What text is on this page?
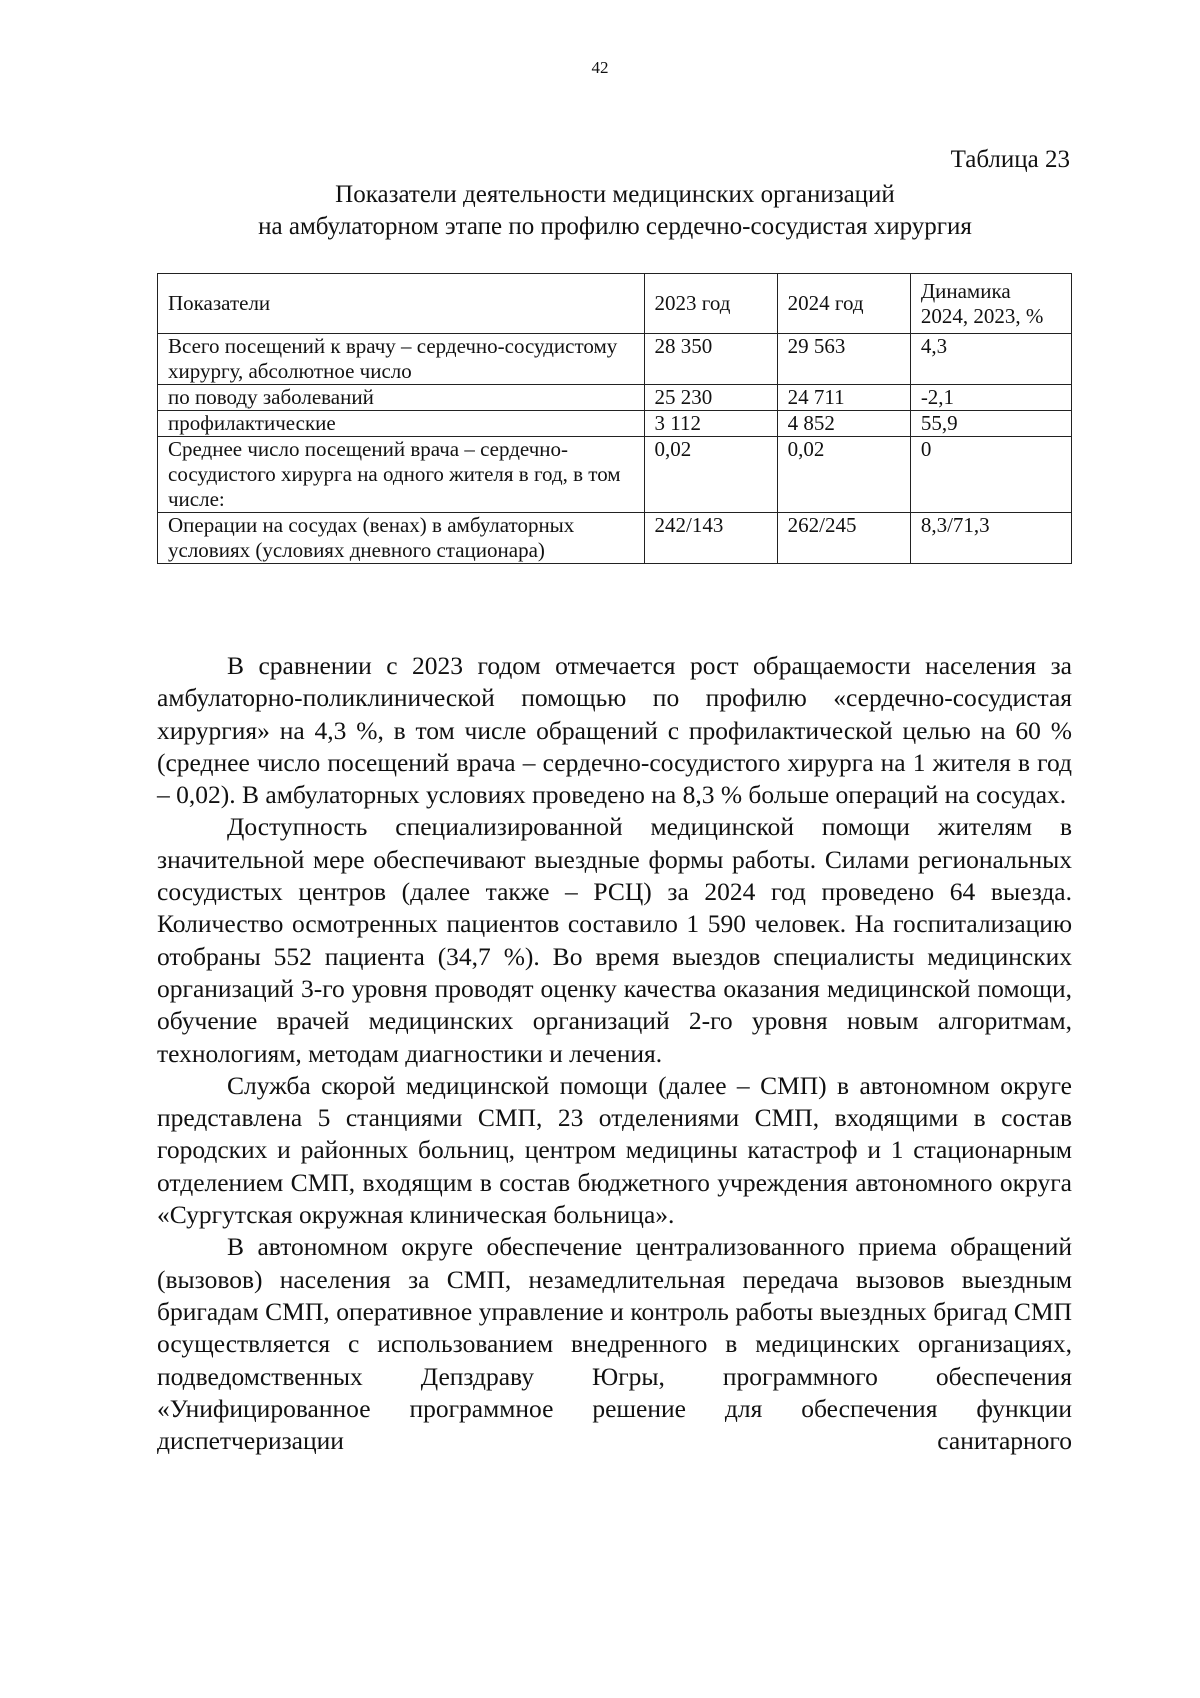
42
Таблица 23
Показатели деятельности медицинских организаций
на амбулаторном этапе по профилю сердечно-сосудистая хирургия
Показатели	2023 год	2024 год	Динамика 2024, 2023, %
Всего посещений к врачу – сердечно-сосудистому хирургу, абсолютное число	28 350	29 563	4,3
по поводу заболеваний	25 230	24 711	-2,1
профилактические	3 112	4 852	55,9
Среднее число посещений врача – сердечно-сосудистого хирурга на одного жителя в год, в том числе:	0,02	0,02	0
Операции на сосудах (венах) в амбулаторных условиях (условиях дневного стационара)	242/143	262/245	8,3/71,3

В сравнении с 2023 годом отмечается рост обращаемости населения за амбулаторно-поликлинической помощью по профилю «сердечно-сосудистая хирургия» на 4,3 %, в том числе обращений с профилактической целью на 60 % (среднее число посещений врача – сердечно-сосудистого хирурга на 1 жителя в год – 0,02). В амбулаторных условиях проведено на 8,3 % больше операций на сосудах.

Доступность специализированной медицинской помощи жителям в значительной мере обеспечивают выездные формы работы. Силами региональных сосудистых центров (далее также – РСЦ) за 2024 год проведено 64 выезда. Количество осмотренных пациентов составило 1 590 человек. На госпитализацию отобраны 552 пациента (34,7 %). Во время выездов специалисты медицинских организаций 3-го уровня проводят оценку качества оказания медицинской помощи, обучение врачей медицинских организаций 2-го уровня новым алгоритмам, технологиям, методам диагностики и лечения.

Служба скорой медицинской помощи (далее – СМП) в автономном округе представлена 5 станциями СМП, 23 отделениями СМП, входящими в состав городских и районных больниц, центром медицины катастроф и 1 стационарным отделением СМП, входящим в состав бюджетного учреждения автономного округа «Сургутская окружная клиническая больница».

В автономном округе обеспечение централизованного приема обращений (вызовов) населения за СМП, незамедлительная передача вызовов выездным бригадам СМП, оперативное управление и контроль работы выездных бригад СМП осуществляется с использованием внедренного в медицинских организациях, подведомственных Депздраву Югры, программного обеспечения «Унифицированное программное решение для обеспечения функции диспетчеризации санитарного
